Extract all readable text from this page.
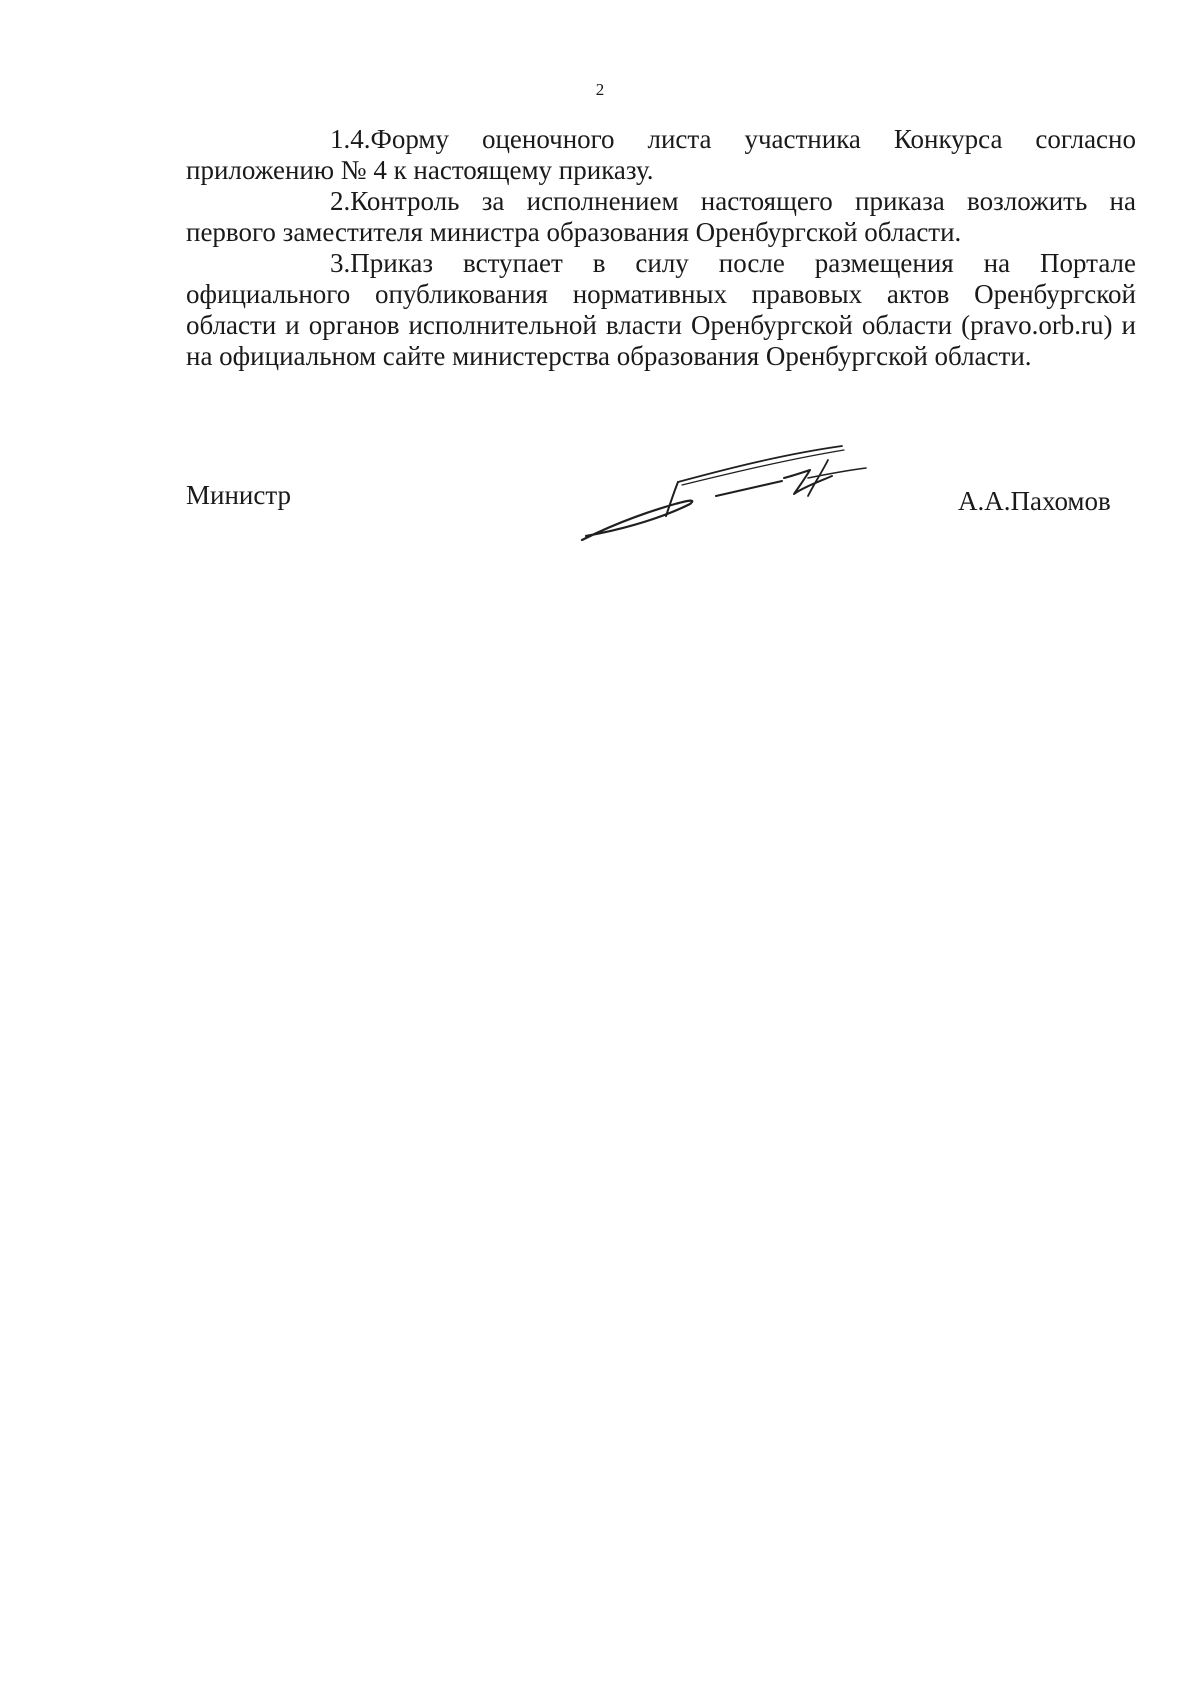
2

1.4.Форму оценочного листа участника Конкурса согласно приложению № 4 к настоящему приказу.

2.Контроль за исполнением настоящего приказа возложить на первого заместителя министра образования Оренбургской области.

3.Приказ вступает в силу после размещения на Портале официального опубликования нормативных правовых актов Оренбургской области и органов исполнительной власти Оренбургской области (pravo.orb.ru) и на официальном сайте министерства образования Оренбургской области.

Министр	А.А.Пахомов
